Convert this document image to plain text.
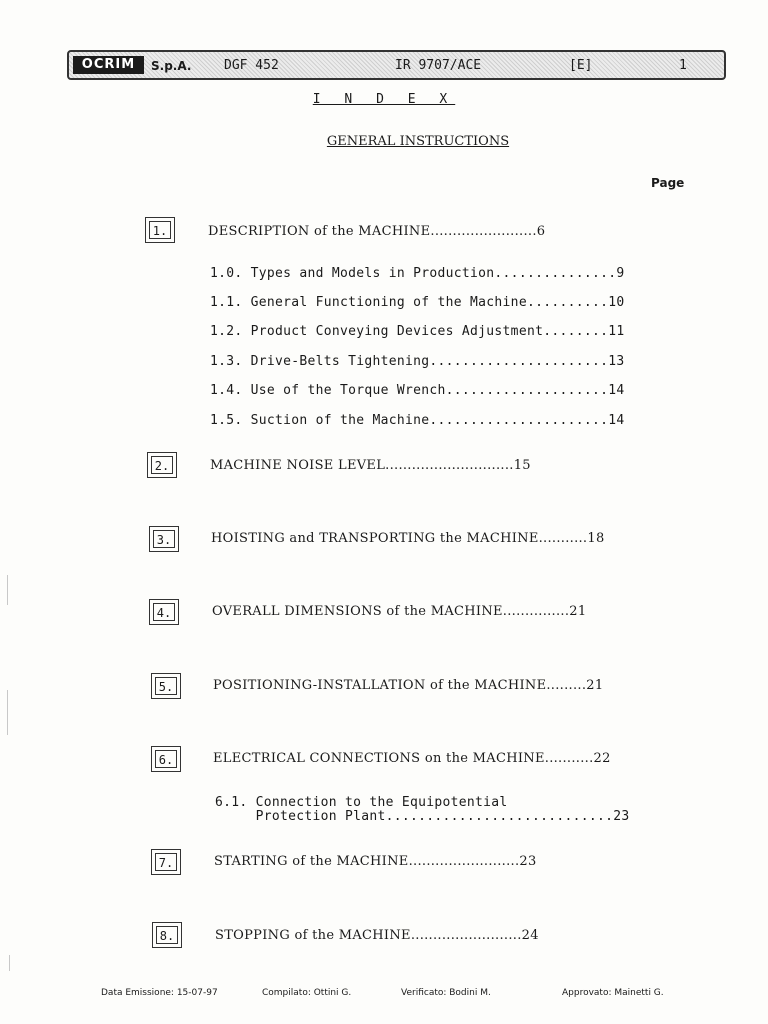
OCRIM	S.p.A.	DGF 452	IR 9707/ACE	[E]	1
I N D E X
GENERAL INSTRUCTIONS
Page
1.	DESCRIPTION of the MACHINE........................6
1.0. Types and Models in Production...............9
1.1. General Functioning of the Machine..........10
1.2. Product Conveying Devices Adjustment........11
1.3. Drive-Belts Tightening......................13
1.4. Use of the Torque Wrench....................14
1.5. Suction of the Machine......................14
2.	MACHINE NOISE LEVEL.............................15
3.	HOISTING and TRANSPORTING the MACHINE...........18
4.	OVERALL DIMENSIONS of the MACHINE...............21
5.	POSITIONING-INSTALLATION of the MACHINE.........21
6.	ELECTRICAL CONNECTIONS on the MACHINE...........22
6.1. Connection to the Equipotential
Protection Plant............................23
7.	STARTING of the MACHINE.........................23
8.	STOPPING of the MACHINE.........................24
Data Emissione: 15-07-97	Compilato: Ottini G.	Verificato: Bodini M.	Approvato: Mainetti G.
